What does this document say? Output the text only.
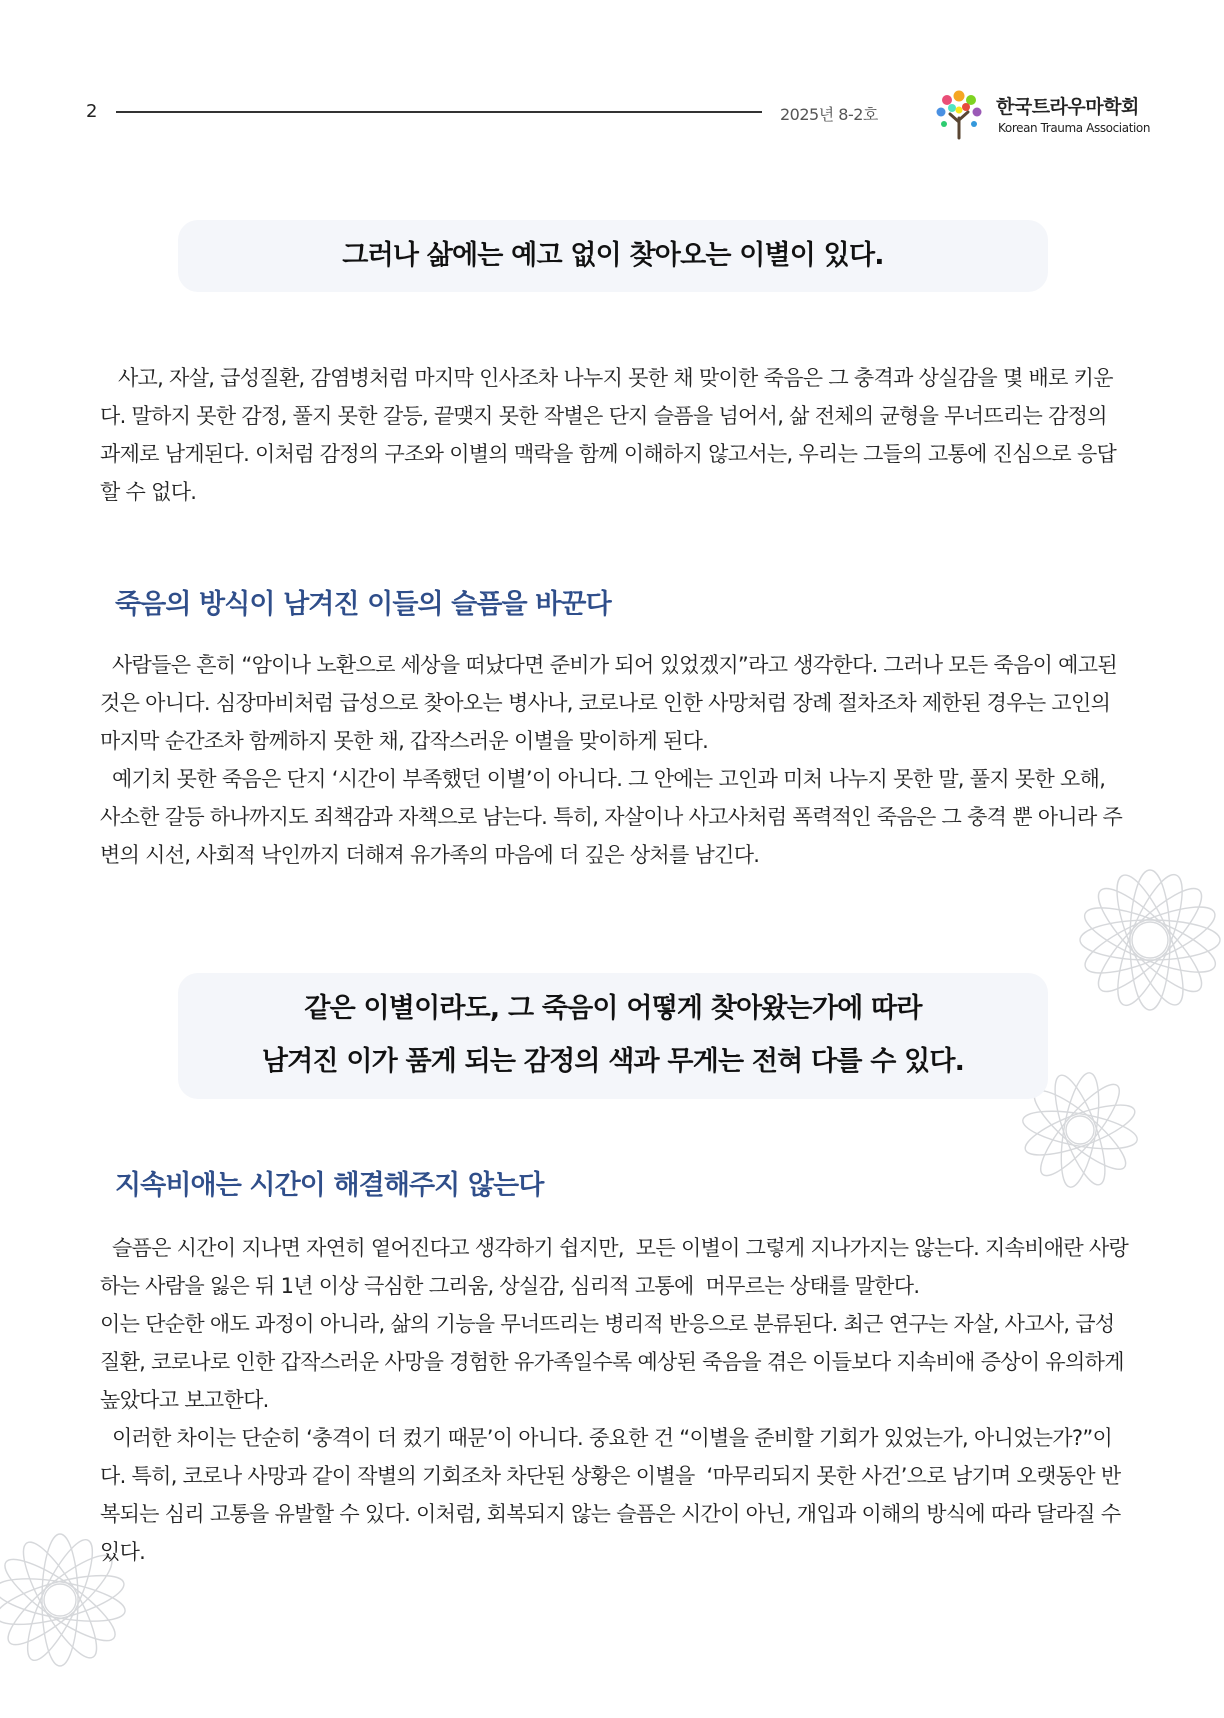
2	2025년 8-2호	한국트라우마학회
Korean Trauma Association
그러나 삶에는 예고 없이 찾아오는 이별이 있다.

사고, 자살, 급성질환, 감염병처럼 마지막 인사조차 나누지 못한 채 맞이한 죽음은 그 충격과 상실감을 몇 배로 키운다. 말하지 못한 감정, 풀지 못한 갈등, 끝맺지 못한 작별은 단지 슬픔을 넘어서, 삶 전체의 균형을 무너뜨리는 감정의 과제로 남게된다. 이처럼 감정의 구조와 이별의 맥락을 함께 이해하지 않고서는, 우리는 그들의 고통에 진심으로 응답할 수 없다.

죽음의 방식이 남겨진 이들의 슬픔을 바꾼다

사람들은 흔히 “암이나 노환으로 세상을 떠났다면 준비가 되어 있었겠지”라고 생각한다. 그러나 모든 죽음이 예고된 것은 아니다. 심장마비처럼 급성으로 찾아오는 병사나, 코로나로 인한 사망처럼 장례 절차조차 제한된 경우는 고인의 마지막 순간조차 함께하지 못한 채, 갑작스러운 이별을 맞이하게 된다.

예기치 못한 죽음은 단지 ‘시간이 부족했던 이별’이 아니다. 그 안에는 고인과 미처 나누지 못한 말, 풀지 못한 오해, 사소한 갈등 하나까지도 죄책감과 자책으로 남는다. 특히, 자살이나 사고사처럼 폭력적인 죽음은 그 충격 뿐 아니라 주변의 시선, 사회적 낙인까지 더해져 유가족의 마음에 더 깊은 상처를 남긴다.

같은 이별이라도, 그 죽음이 어떻게 찾아왔는가에 따라
남겨진 이가 품게 되는 감정의 색과 무게는 전혀 다를 수 있다.
지속비애는 시간이 해결해주지 않는다

슬픔은 시간이 지나면 자연히 옅어진다고 생각하기 쉽지만,  모든 이별이 그렇게 지나가지는 않는다. 지속비애란 사랑하는 사람을 잃은 뒤 1년 이상 극심한 그리움, 상실감, 심리적 고통에  머무르는 상태를 말한다.

이는 단순한 애도 과정이 아니라, 삶의 기능을 무너뜨리는 병리적 반응으로 분류된다. 최근 연구는 자살, 사고사, 급성질환, 코로나로 인한 갑작스러운 사망을 경험한 유가족일수록 예상된 죽음을 겪은 이들보다 지속비애 증상이 유의하게 높았다고 보고한다.

이러한 차이는 단순히 ‘충격이 더 컸기 때문’이 아니다. 중요한 건 “이별을 준비할 기회가 있었는가, 아니었는가?”이다. 특히, 코로나 사망과 같이 작별의 기회조차 차단된 상황은 이별을  ‘마무리되지 못한 사건’으로 남기며 오랫동안 반복되는 심리 고통을 유발할 수 있다. 이처럼, 회복되지 않는 슬픔은 시간이 아닌, 개입과 이해의 방식에 따라 달라질 수 있다.
